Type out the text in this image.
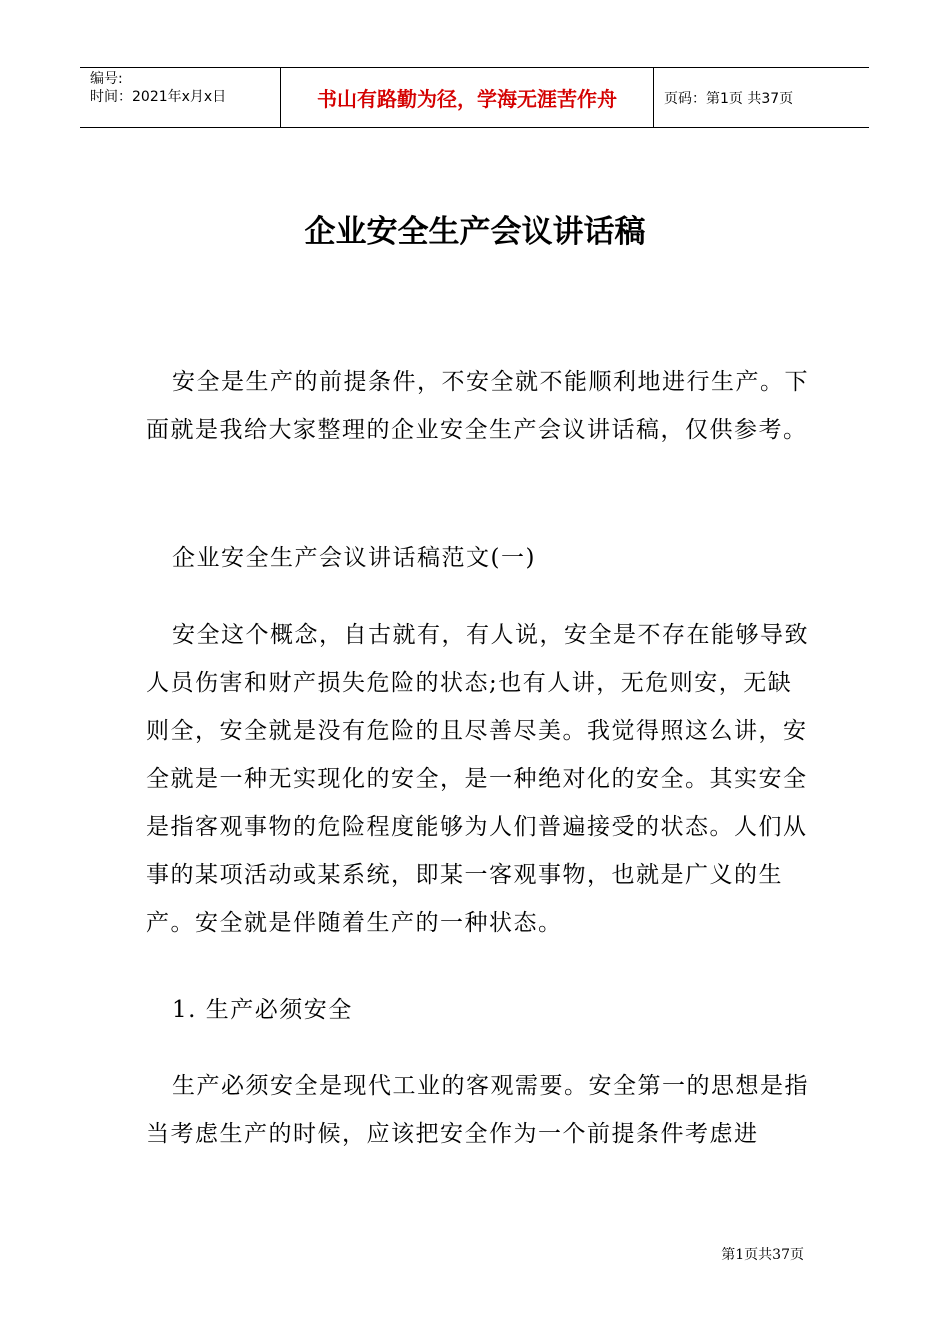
编号:
时间：2021年x月x日	书山有路勤为径，学海无涯苦作舟	页码：第1页 共37页
企业安全生产会议讲话稿

安全是生产的前提条件，不安全就不能顺利地进行生产。下面就是我给大家整理的企业安全生产会议讲话稿，仅供参考。

企业安全生产会议讲话稿范文(一)

安全这个概念，自古就有，有人说，安全是不存在能够导致人员伤害和财产损失危险的状态;也有人讲，无危则安，无缺则全，安全就是没有危险的且尽善尽美。我觉得照这么讲，安全就是一种无实现化的安全，是一种绝对化的安全。其实安全是指客观事物的危险程度能够为人们普遍接受的状态。人们从事的某项活动或某系统，即某一客观事物，也就是广义的生产。安全就是伴随着生产的一种状态。

1. 生产必须安全

生产必须安全是现代工业的客观需要。安全第一的思想是指当考虑生产的时候，应该把安全作为一个前提条件考虑进

第1页共37页
